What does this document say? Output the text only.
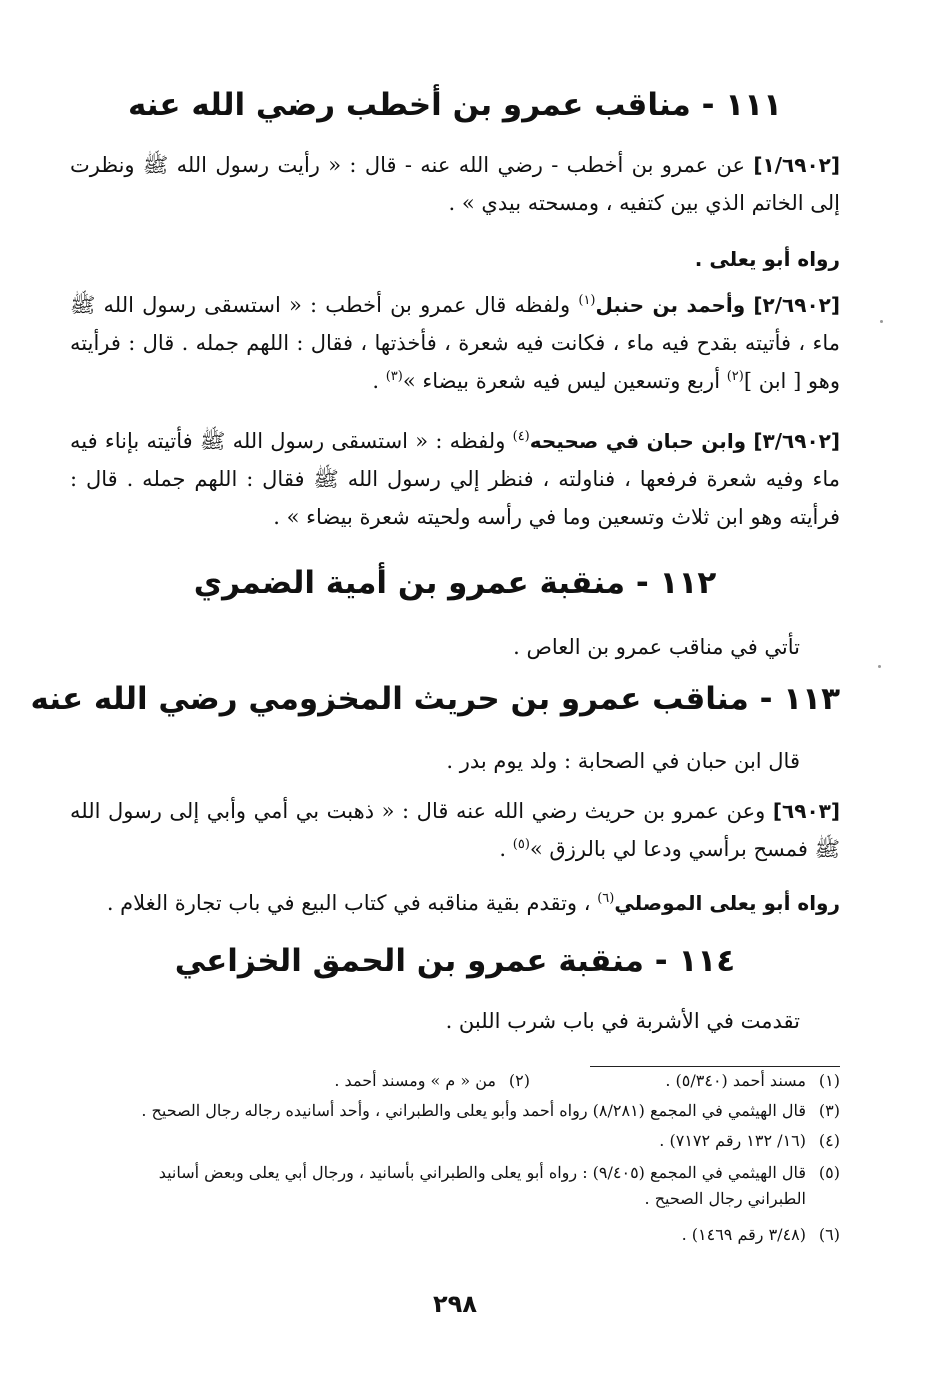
١١١ - مناقب عمرو بن أخطب رضي الله عنه
[١/٦٩٠٢] عن عمرو بن أخطب - رضي الله عنه - قال : « رأيت رسول الله ﷺ ونظرت إلى الخاتم الذي بين كتفيه ، ومسحته بيدي » .
رواه أبو يعلى .
[٢/٦٩٠٢] وأحمد بن حنبل$^{(١)}$ ولفظه قال عمرو بن أخطب : « استسقى رسول الله ﷺ ماء ، فأتيته بقدح فيه ماء ، فكانت فيه شعرة ، فأخذتها ، فقال : اللهم جمله . قال : فرأيته وهو [ ابن ]$^{(٢)}$ أربع وتسعين ليس فيه شعرة بيضاء »$^{(٣)}$ .
[٣/٦٩٠٢] وابن حبان في صحيحه$^{(٤)}$ ولفظه : « استسقى رسول الله ﷺ فأتيته بإناء فيه ماء وفيه شعرة فرفعها ، فناولته ، فنظر إلي رسول الله ﷺ فقال : اللهم جمله . قال : فرأيته وهو ابن ثلاث وتسعين وما في رأسه ولحيته شعرة بيضاء » .
١١٢ - منقبة عمرو بن أمية الضمري
تأتي في مناقب عمرو بن العاص .
١١٣ - مناقب عمرو بن حريث المخزومي رضي الله عنه
قال ابن حبان في الصحابة : ولد يوم بدر .
[٦٩٠٣] وعن عمرو بن حريث رضي الله عنه قال : « ذهبت بي أمي وأبي إلى رسول الله ﷺ فمسح برأسي ودعا لي بالرزق »$^{(٥)}$ .
رواه أبو يعلى الموصلي$^{(٦)}$ ، وتقدم بقية مناقبه في كتاب البيع في باب تجارة الغلام .
١١٤ - منقبة عمرو بن الحمق الخزاعي
تقدمت في الأشربة في باب شرب اللبن .
(١)مسند أحمد (٥/٣٤٠) .
(٢)من « م » ومسند أحمد .
(٣)قال الهيثمي في المجمع (٨/٢٨١) رواه أحمد وأبو يعلى والطبراني ، وأحد أسانيده رجاله رجال الصحيح .
(٤)(١٦/ ١٣٢ رقم ٧١٧٢) .
(٥)قال الهيثمي في المجمع (٩/٤٠٥) : رواه أبو يعلى والطبراني بأسانيد ، ورجال أبي يعلى وبعض أسانيد
الطبراني رجال الصحيح .
(٦)(٣/٤٨ رقم ١٤٦٩) .
٢٩٨
